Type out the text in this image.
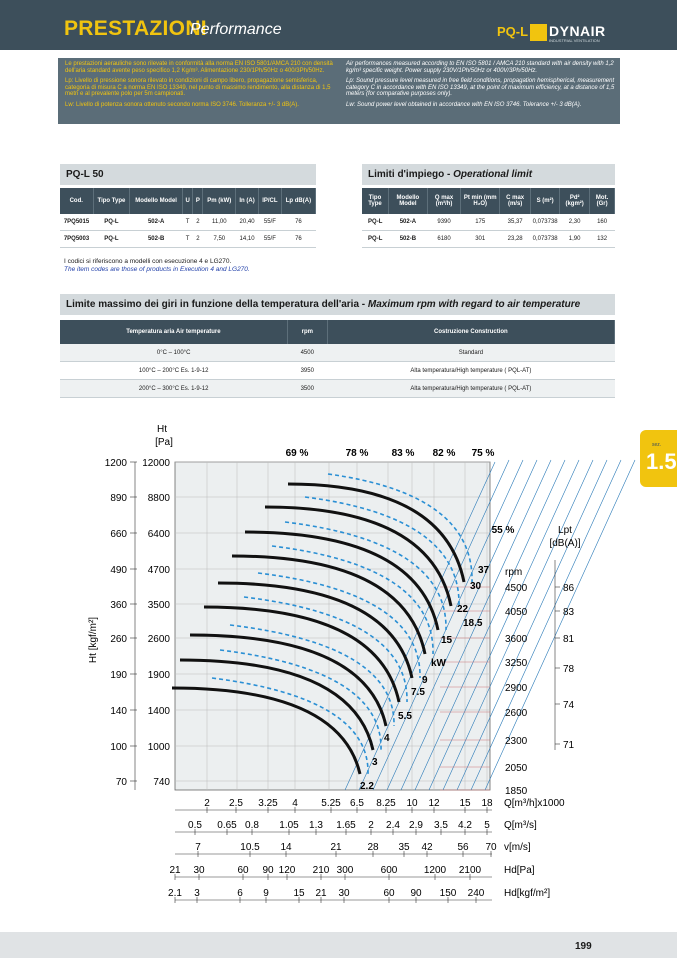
PRESTAZIONI
Performance	PQ-L DYNAIR
INDUSTRIAL VENTILATION

Le prestazioni aerauliche sono rilevate in conformità alla norma EN ISO 5801/AMCA 210 con densità dell'aria standard avente peso specifico 1,2 Kg/m³. Alimentazione 230/1Ph/50Hz o 400/3Ph/50Hz.

Lp: Livello di pressione sonora rilevato in condizioni di campo libero, propagazione semisferica, categoria di misura C a norma EN ISO 13349, nel punto di massimo rendimento, alla distanza di 1,5 metri e al prevalente polo per 5m campionati.

Lw: Livello di potenza sonora ottenuto secondo norma ISO 3746. Tolleranza +/- 3 dB(A).

Air performances measured according to EN ISO 5801 / AMCA 210 standard with air density with 1,2 kg/m³ specific weight. Power supply 230V/1Ph/50Hz or 400V/3Ph/50Hz.

Lp: Sound pressure level measured in free field conditions, propagation hemispherical, measurement category C in accordance with EN ISO 13349, at the point of maximum efficiency, at a distance of 1,5 meters (for comparative purposes only).

Lw: Sound power level obtained in accordance with EN ISO 3746. Tolerance +/- 3 dB(A).

PQ-L 50
Cod.	Tipo Type	Modello Model	U	P	Pm (kW)	In (A)	IP/CL	Lp dB(A)
7PQ5015	PQ-L	502-A	T	2	11,00	20,40	55/F	76
7PQ5003	PQ-L	502-B	T	2	7,50	14,10	55/F	76
Limiti d'impiego - Operational limit
Tipo Type	Modello Model	Q max (m³/h)	Pt min (mm H₂O)	C max (m/s)	S (m²)	Pd² (kgm²)	Mot. (Gr)
PQ-L	502-A	9390	175	35,37	0,073738	2,30	160
PQ-L	502-B	6180	301	23,28	0,073738	1,90	132
I codici si riferiscono a modelli con esecuzione 4 e LG270.
The item codes are those of products in Execution 4 and LG270.
Limite massimo dei giri in funzione della temperatura dell'aria - Maximum rpm with regard to air temperature
Temperatura aria Air temperature	rpm	Costruzione Construction
0°C – 100°C	4500	Standard
100°C – 200°C Es. 1-9-12	3950	Alta temperatura/High temperature ( PQL-AT)
200°C – 300°C Es. 1-9-12	3500	Alta temperatura/High temperature ( PQL-AT)
12000
8800
6400
4700
3500
2600
1900
1400
1000
740
1200
890
660
490
360
260
190
140
100
70
Ht
[Pa]
Ht [kgf/m²]
69 %	78 % 83 % 82 % 75 %
55 %
37
30
22
18.5
15
9
7.5
5.5
4
3
2.2
kW
rpm
4500
4050
3600
3250
2900
2600
2300
2050
1850
Lpt
[dB(A)]
86
83
81
78
74
71
2 2.5 3.25 4 5.25 6.5 8.25 10 12 15 18 Q[m³/h]x1000
0.5 0.65 0.8 1.05 1.3 1.65 2 2.4 2.9 3.5 4.2 5 Q[m³/s]
7	10.5 14	21	28 35 42 56 70 v[m/s]
21 30	60 90 120 210 300	600	1200 2100 Hd[Pa]
2.1 3	6 9 15 21 30	60 90 150 240 Hd[kgf/m²]
sez.
1.5
199
